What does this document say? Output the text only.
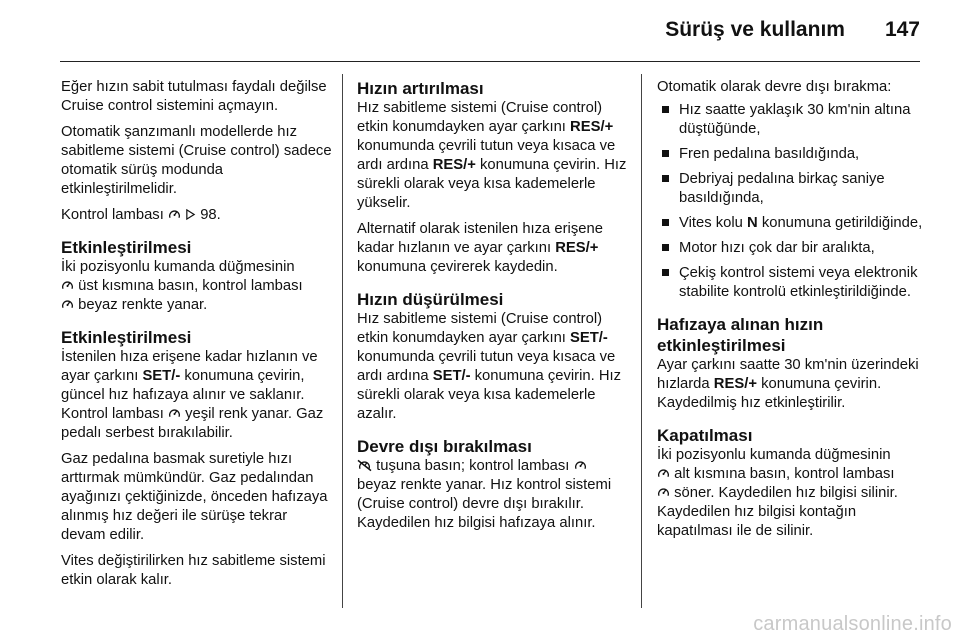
Sürüş ve kullanım 147

Eğer hızın sabit tutulması faydalı değilse Cruise control sistemini açmayın.

Otomatik şanzımanlı modellerde hız sabitleme sistemi (Cruise control) sadece otomatik sürüş modunda etkinleştirilmelidir.

Kontrol lambası 98.

Etkinleştirilmesi

İki pozisyonlu kumanda düğmesinin
üst kısmına basın, kontrol lambası
beyaz renkte yanar.

Etkinleştirilmesi

İstenilen hıza erişene kadar hızlanın ve ayar çarkını SET/- konumuna çevirin, güncel hız hafızaya alınır ve saklanır. Kontrol lambası yeşil renk yanar. Gaz pedalı serbest bırakılabilir.

Gaz pedalına basmak suretiyle hızı arttırmak mümkündür. Gaz pedalından ayağınızı çektiğinizde, önceden hafızaya alınmış hız değeri ile sürüşe tekrar devam edilir.

Vites değiştirilirken hız sabitleme sistemi etkin olarak kalır.

Hızın artırılması

Hız sabitleme sistemi (Cruise control) etkin konumdayken ayar çarkını RES/+ konumunda çevrili tutun veya kısaca ve ardı ardına RES/+ konumuna çevirin. Hız sürekli olarak veya kısa kademelerle yükselir.

Alternatif olarak istenilen hıza erişene kadar hızlanın ve ayar çarkını RES/+ konumuna çevirerek kaydedin.

Hızın düşürülmesi

Hız sabitleme sistemi (Cruise control) etkin konumdayken ayar çarkını SET/- konumunda çevrili tutun veya kısaca ve ardı ardına SET/- konumuna çevirin. Hız sürekli olarak veya kısa kademelerle azalır.

Devre dışı bırakılması

tuşuna basın; kontrol lambası  beyaz renkte yanar. Hız kontrol sistemi (Cruise control) devre dışı bırakılır. Kaydedilen hız bilgisi hafızaya alınır.

Otomatik olarak devre dışı bırakma:

Hız saatte yaklaşık 30 km'nin altına düştüğünde,
Fren pedalına basıldığında,
Debriyaj pedalına birkaç saniye basıldığında,
Vites kolu N konumuna getirildiğinde,
Motor hızı çok dar bir aralıkta,
Çekiş kontrol sistemi veya elektronik stabilite kontrolü etkinleştirildiğinde.
Hafızaya alınan hızın etkinleştirilmesi

Ayar çarkını saatte 30 km'nin üzerindeki hızlarda RES/+ konumuna çevirin. Kaydedilmiş hız etkinleştirilir.

Kapatılması

İki pozisyonlu kumanda düğmesinin
alt kısmına basın, kontrol lambası
söner. Kaydedilen hız bilgisi silinir. Kaydedilen hız bilgisi kontağın kapatılması ile de silinir.

carmanualsonline.info
